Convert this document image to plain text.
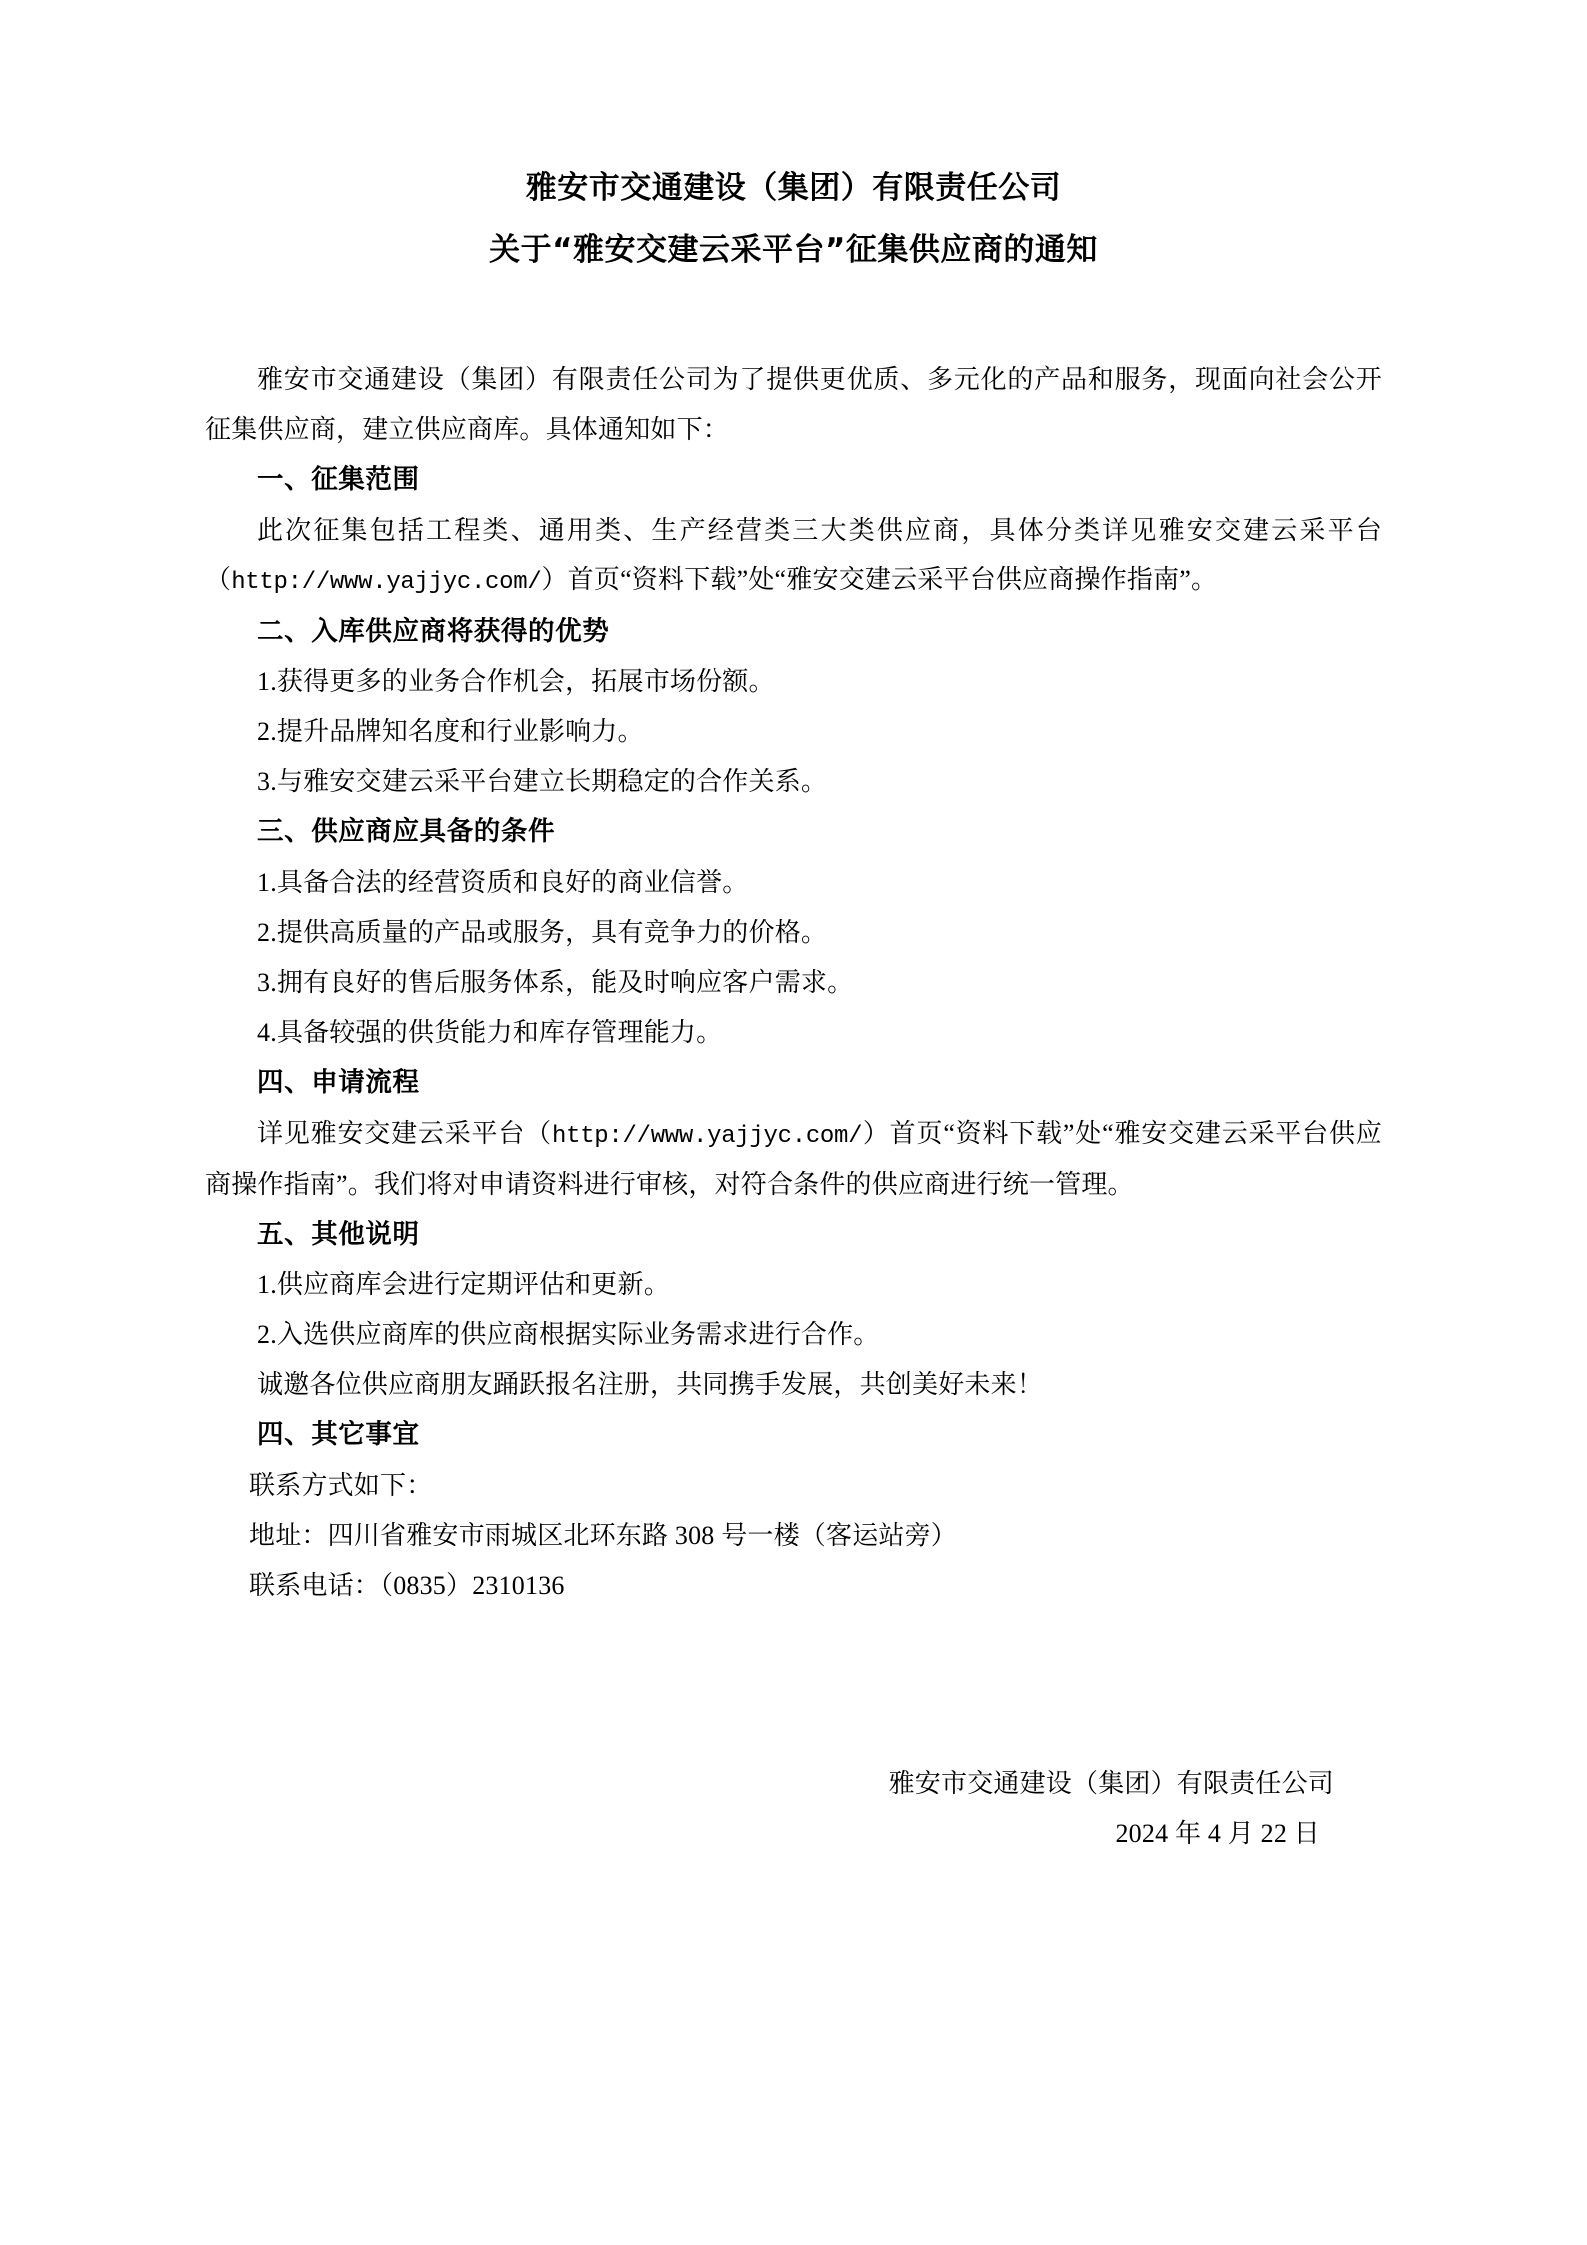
雅安市交通建设（集团）有限责任公司
关于“雅安交建云采平台”征集供应商的通知

雅安市交通建设（集团）有限责任公司为了提供更优质、多元化的产品和服务，现面向社会公开征集供应商，建立供应商库。具体通知如下：

一、征集范围

此次征集包括工程类、通用类、生产经营类三大类供应商，具体分类详见雅安交建云采平台（http://www.yajjyc.com/）首页“资料下载”处“雅安交建云采平台供应商操作指南”。

二、入库供应商将获得的优势

1.获得更多的业务合作机会，拓展市场份额。

2.提升品牌知名度和行业影响力。

3.与雅安交建云采平台建立长期稳定的合作关系。

三、供应商应具备的条件

1.具备合法的经营资质和良好的商业信誉。

2.提供高质量的产品或服务，具有竞争力的价格。

3.拥有良好的售后服务体系，能及时响应客户需求。

4.具备较强的供货能力和库存管理能力。

四、申请流程

详见雅安交建云采平台（http://www.yajjyc.com/）首页“资料下载”处“雅安交建云采平台供应商操作指南”。我们将对申请资料进行审核，对符合条件的供应商进行统一管理。

五、其他说明

1.供应商库会进行定期评估和更新。

2.入选供应商库的供应商根据实际业务需求进行合作。

诚邀各位供应商朋友踊跃报名注册，共同携手发展，共创美好未来！

四、其它事宜

联系方式如下：

地址：四川省雅安市雨城区北环东路 308 号一楼（客运站旁）

联系电话：（0835）2310136

雅安市交通建设（集团）有限责任公司

2024 年 4 月 22 日
